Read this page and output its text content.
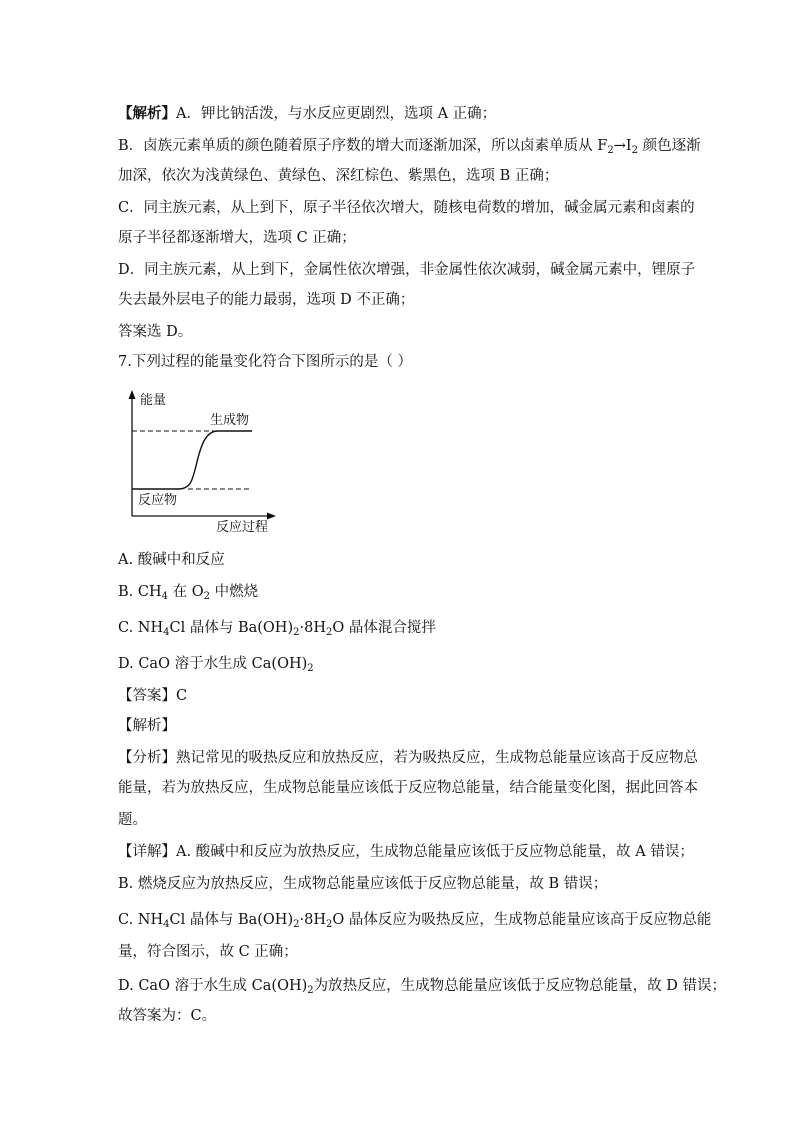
【解析】A．钾比钠活泼，与水反应更剧烈，选项 A 正确；
B．卤族元素单质的颜色随着原子序数的增大而逐渐加深，所以卤素单质从 $F_2\to I_2$ 颜色逐渐
加深，依次为浅黄绿色、黄绿色、深红棕色、紫黑色，选项 B 正确；
C．同主族元素，从上到下，原子半径依次增大，随核电荷数的增加，碱金属元素和卤素的
原子半径都逐渐增大，选项 C 正确；
D．同主族元素，从上到下，金属性依次增强，非金属性依次减弱，碱金属元素中，锂原子
失去最外层电子的能力最弱，选项 D 不正确；
答案选 D。
7.下列过程的能量变化符合下图所示的是（ ）
能量
生成物
反应物
反应过程
A. 酸碱中和反应
B. $CH_4$ 在 $O_2$ 中燃烧
C. $NH_4Cl$ 晶体与 $Ba(OH)_2\cdot 8H_2O$ 晶体混合搅拌
D. CaO 溶于水生成 $Ca(OH)_2$
【答案】C
【解析】
【分析】熟记常见的吸热反应和放热反应，若为吸热反应，生成物总能量应该高于反应物总
能量，若为放热反应，生成物总能量应该低于反应物总能量，结合能量变化图，据此回答本
题。
【详解】A. 酸碱中和反应为放热反应，生成物总能量应该低于反应物总能量，故 A 错误；
B. 燃烧反应为放热反应，生成物总能量应该低于反应物总能量，故 B 错误；
C. $NH_4Cl$ 晶体与 $Ba(OH)_2\cdot 8H_2O$ 晶体反应为吸热反应，生成物总能量应该高于反应物总能
量，符合图示，故 C 正确；
D. CaO 溶于水生成 $Ca(OH)_2$为放热反应，生成物总能量应该低于反应物总能量，故 D 错误；
故答案为：C。
